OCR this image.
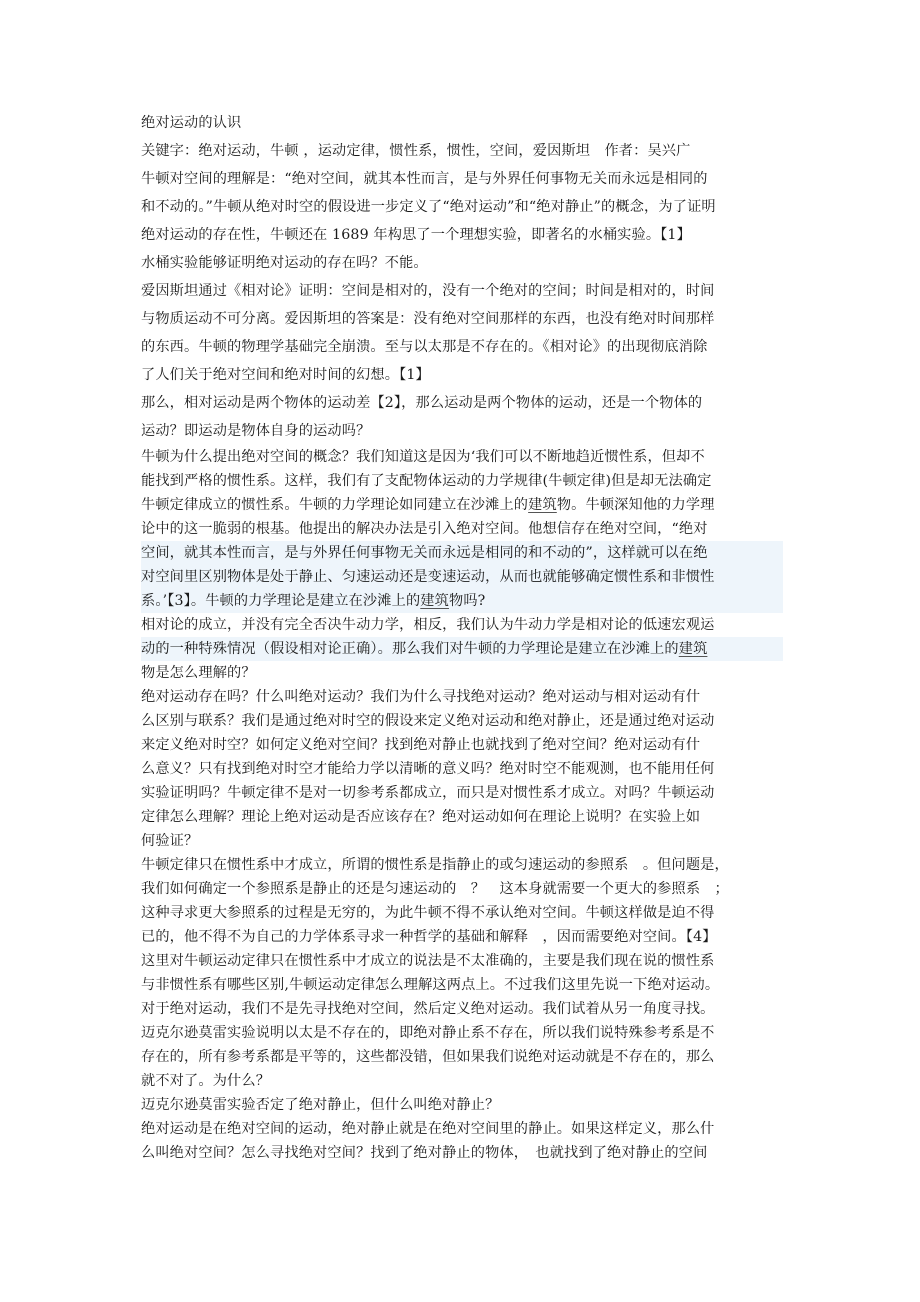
绝对运动的认识
关键字：绝对运动，牛顿 ，运动定律，惯性系，惯性，空间，爱因斯坦　作者：吴兴广
牛顿对空间的理解是：“绝对空间，就其本性而言，是与外界任何事物无关而永远是相同的
和不动的。”牛顿从绝对时空的假设进一步定义了“绝对运动”和“绝对静止”的概念，为了证明
绝对运动的存在性，牛顿还在 1689 年构思了一个理想实验，即著名的水桶实验。【1】
水桶实验能够证明绝对运动的存在吗？不能。
爱因斯坦通过《相对论》证明：空间是相对的，没有一个绝对的空间；时间是相对的，时间
与物质运动不可分离。爱因斯坦的答案是：没有绝对空间那样的东西，也没有绝对时间那样
的东西。牛顿的物理学基础完全崩溃。至与以太那是不存在的。《相对论》的出现彻底消除
了人们关于绝对空间和绝对时间的幻想。【1】
那么，相对运动是两个物体的运动差【2】，那么运动是两个物体的运动，还是一个物体的
运动？即运动是物体自身的运动吗？
牛顿为什么提出绝对空间的概念？我们知道这是因为‘我们可以不断地趋近惯性系，但却不
能找到严格的惯性系。这样，我们有了支配物体运动的力学规律(牛顿定律)但是却无法确定
牛顿定律成立的惯性系。牛顿的力学理论如同建立在沙滩上的建筑物。牛顿深知他的力学理
论中的这一脆弱的根基。他提出的解决办法是引入绝对空间。他想信存在绝对空间，“绝对
空间，就其本性而言，是与外界任何事物无关而永远是相同的和不动的”，这样就可以在绝
对空间里区别物体是处于静止、匀速运动还是变速运动，从而也就能够确定惯性系和非惯性
系。’【3】。牛顿的力学理论是建立在沙滩上的建筑物吗?
相对论的成立，并没有完全否决牛动力学，相反，我们认为牛动力学是相对论的低速宏观运
动的一种特殊情况（假设相对论正确）。那么我们对牛顿的力学理论是建立在沙滩上的建筑
物是怎么理解的？
绝对运动存在吗？什么叫绝对运动？我们为什么寻找绝对运动？绝对运动与相对运动有什
么区别与联系？我们是通过绝对时空的假设来定义绝对运动和绝对静止，还是通过绝对运动
来定义绝对时空？如何定义绝对空间？找到绝对静止也就找到了绝对空间？绝对运动有什
么意义？只有找到绝对时空才能给力学以清晰的意义吗？绝对时空不能观测，也不能用任何
实验证明吗？牛顿定律不是对一切参考系都成立，而只是对惯性系才成立。对吗？牛顿运动
定律怎么理解？理论上绝对运动是否应该存在？绝对运动如何在理论上说明？在实验上如
何验证？
牛顿定律只在惯性系中才成立，所谓的惯性系是指静止的或匀速运动的参照系　。但问题是，
我们如何确定一个参照系是静止的还是匀速运动的　？　这本身就需要一个更大的参照系　；
这种寻求更大参照系的过程是无穷的，为此牛顿不得不承认绝对空间。牛顿这样做是迫不得
已的，他不得不为自己的力学体系寻求一种哲学的基础和解释　，因而需要绝对空间。【4】
这里对牛顿运动定律只在惯性系中才成立的说法是不太准确的，主要是我们现在说的惯性系
与非惯性系有哪些区别,牛顿运动定律怎么理解这两点上。不过我们这里先说一下绝对运动。
对于绝对运动，我们不是先寻找绝对空间，然后定义绝对运动。我们试着从另一角度寻找。
迈克尔逊莫雷实验说明以太是不存在的，即绝对静止系不存在，所以我们说特殊参考系是不
存在的，所有参考系都是平等的，这些都没错，但如果我们说绝对运动就是不存在的，那么
就不对了。为什么？
迈克尔逊莫雷实验否定了绝对静止，但什么叫绝对静止？
绝对运动是在绝对空间的运动，绝对静止就是在绝对空间里的静止。如果这样定义，那么什
么叫绝对空间？怎么寻找绝对空间？找到了绝对静止的物体，　也就找到了绝对静止的空间
